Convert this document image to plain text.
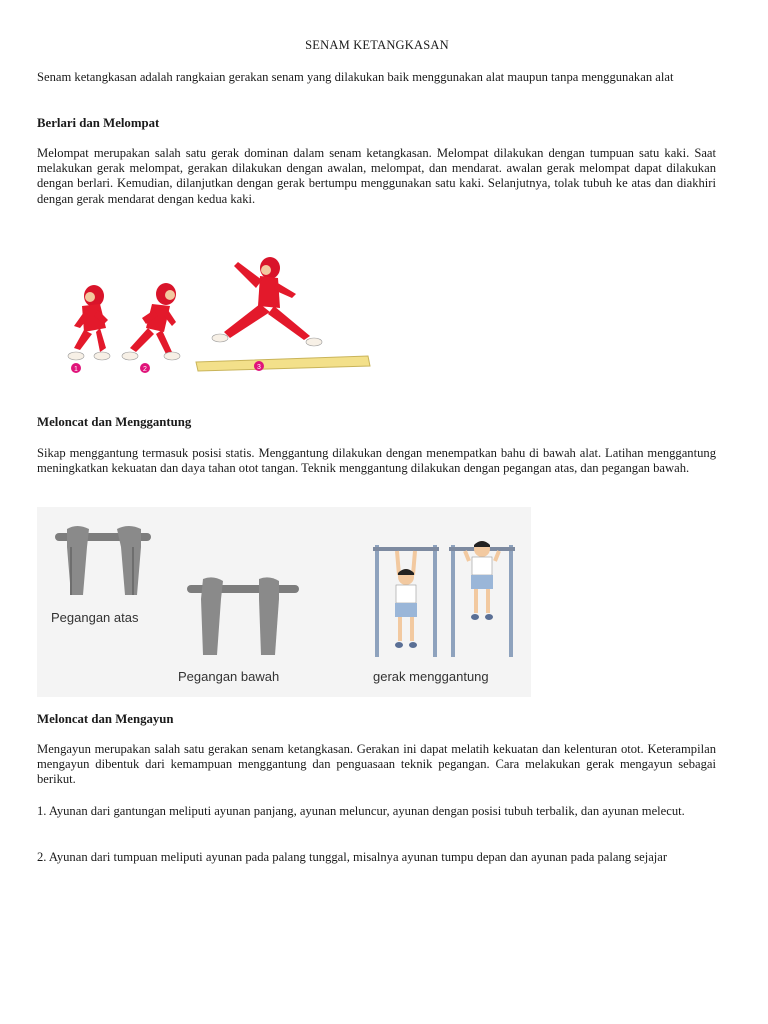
SENAM KETANGKASAN
Senam ketangkasan adalah rangkaian gerakan senam yang dilakukan baik menggunakan alat maupun tanpa menggunakan alat
Berlari dan Melompat
Melompat merupakan salah satu gerak dominan dalam senam ketangkasan. Melompat dilakukan dengan tumpuan satu kaki. Saat melakukan gerak melompat, gerakan dilakukan dengan awalan, melompat, dan mendarat. awalan gerak melompat dapat dilakukan dengan berlari. Kemudian, dilanjutkan dengan gerak bertumpu menggunakan satu kaki. Selanjutnya, tolak tubuh ke atas dan diakhiri dengan gerak mendarat dengan kedua kaki.
1	2	3
Meloncat dan Menggantung
Sikap menggantung termasuk posisi statis. Menggantung dilakukan dengan menempatkan bahu di bawah alat. Latihan menggantung meningkatkan kekuatan dan daya tahan otot tangan. Teknik menggantung dilakukan dengan pegangan atas, dan pegangan bawah.
Pegangan atas
Pegangan bawah	gerak menggantung
Meloncat dan Mengayun
Mengayun merupakan salah satu gerakan senam ketangkasan. Gerakan ini dapat melatih kekuatan dan kelenturan otot. Keterampilan mengayun dibentuk dari kemampuan menggantung dan penguasaan teknik pegangan. Cara melakukan gerak mengayun sebagai berikut.
1. Ayunan dari gantungan meliputi ayunan panjang, ayunan meluncur, ayunan dengan posisi tubuh terbalik, dan ayunan melecut.
2. Ayunan dari tumpuan meliputi ayunan pada palang tunggal, misalnya ayunan tumpu depan dan ayunan pada palang sejajar
